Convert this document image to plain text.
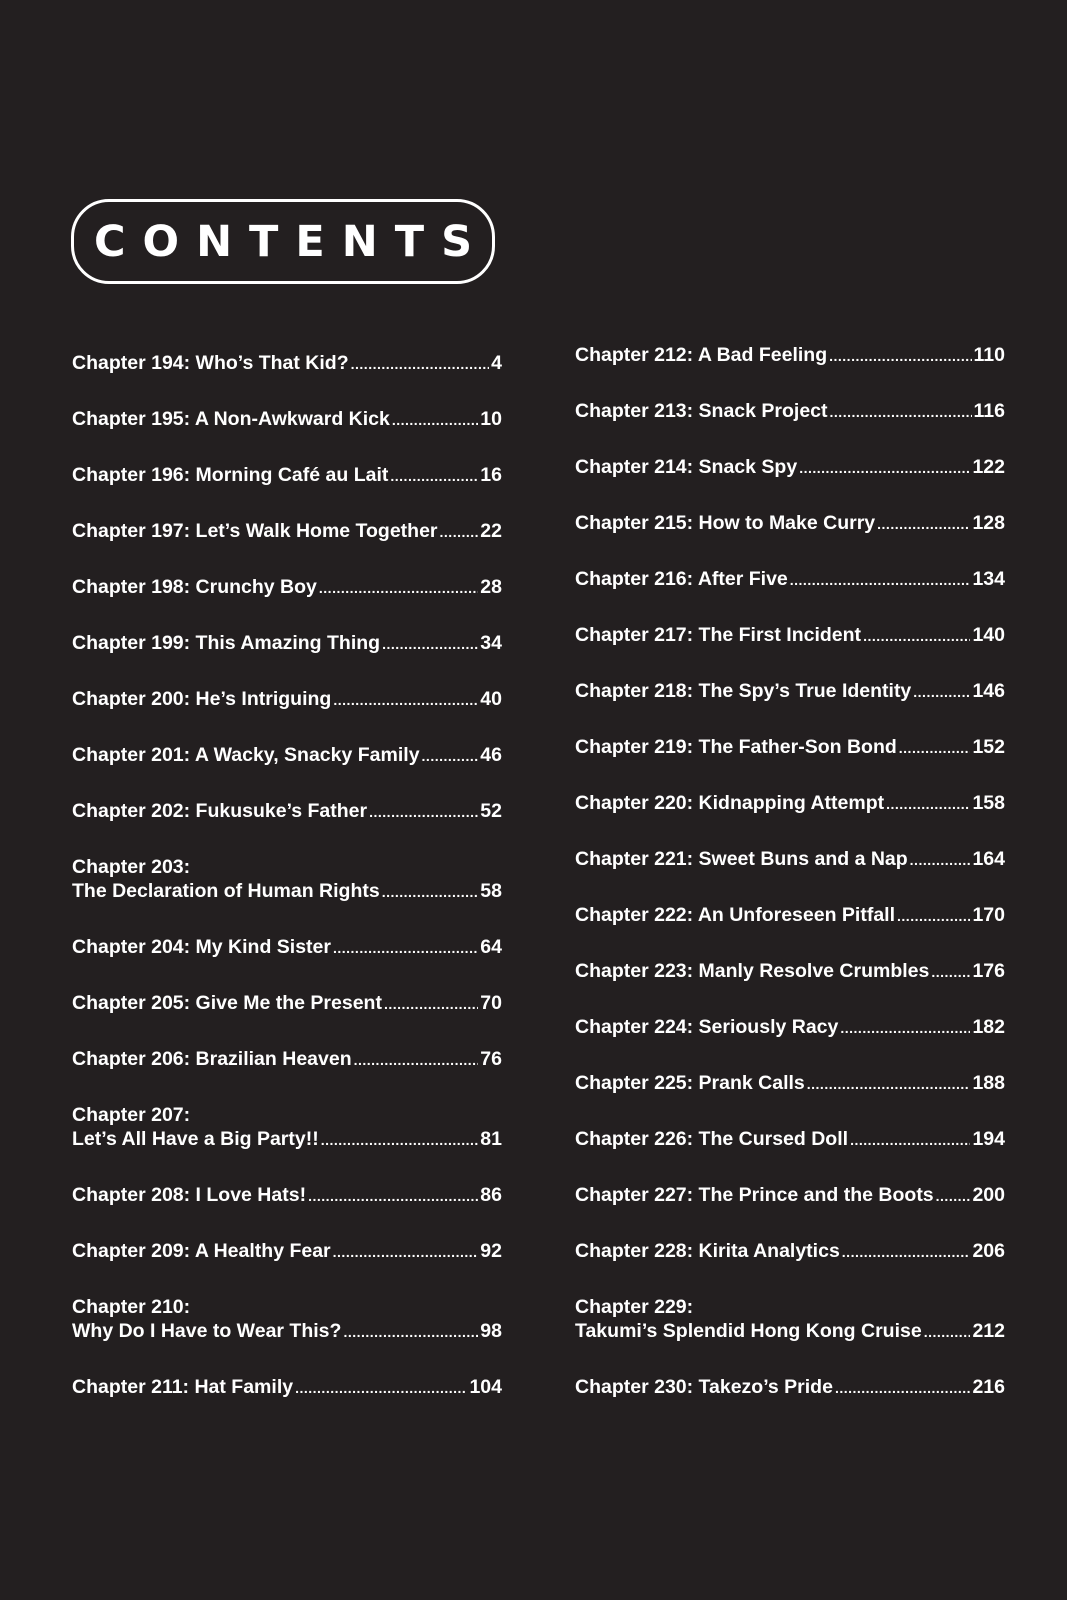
CONTENTS
Chapter 194: Who’s That Kid? .....	4
Chapter 195: A Non-Awkward Kick .....	10
Chapter 196: Morning Café au Lait .....	16
Chapter 197: Let’s Walk Home Together ..... 22
Chapter 198: Crunchy Boy .....	28
Chapter 199: This Amazing Thing .....	34
Chapter 200: He’s Intriguing .....	40
Chapter 201: A Wacky, Snacky Family .....	46
Chapter 202: Fukusuke’s Father .....	52
Chapter 203:
The Declaration of Human Rights .....	58
Chapter 204: My Kind Sister .....	64
Chapter 205: Give Me the Present .....	70
Chapter 206: Brazilian Heaven .....	76
Chapter 207:
Let’s All Have a Big Party!! .....	81
Chapter 208: I Love Hats! .....	86
Chapter 209: A Healthy Fear .....	92
Chapter 210:
Why Do I Have to Wear This? .....	98
Chapter 211: Hat Family .....	104
Chapter 212: A Bad Feeling .....	110
Chapter 213: Snack Project .....	116
Chapter 214: Snack Spy .....	122
Chapter 215: How to Make Curry .....	128
Chapter 216: After Five .....	134
Chapter 217: The First Incident .....	140
Chapter 218: The Spy’s True Identity .....	146
Chapter 219: The Father-Son Bond .....	152
Chapter 220: Kidnapping Attempt .....	158
Chapter 221: Sweet Buns and a Nap .....	164
Chapter 222: An Unforeseen Pitfall .....	170
Chapter 223: Manly Resolve Crumbles ..... 176
Chapter 224: Seriously Racy .....	182
Chapter 225: Prank Calls .....	188
Chapter 226: The Cursed Doll .....	194
Chapter 227: The Prince and the Boots ..... 200
Chapter 228: Kirita Analytics .....	206
Chapter 229:
Takumi’s Splendid Hong Kong Cruise .....	212
Chapter 230: Takezo’s Pride .....	216
